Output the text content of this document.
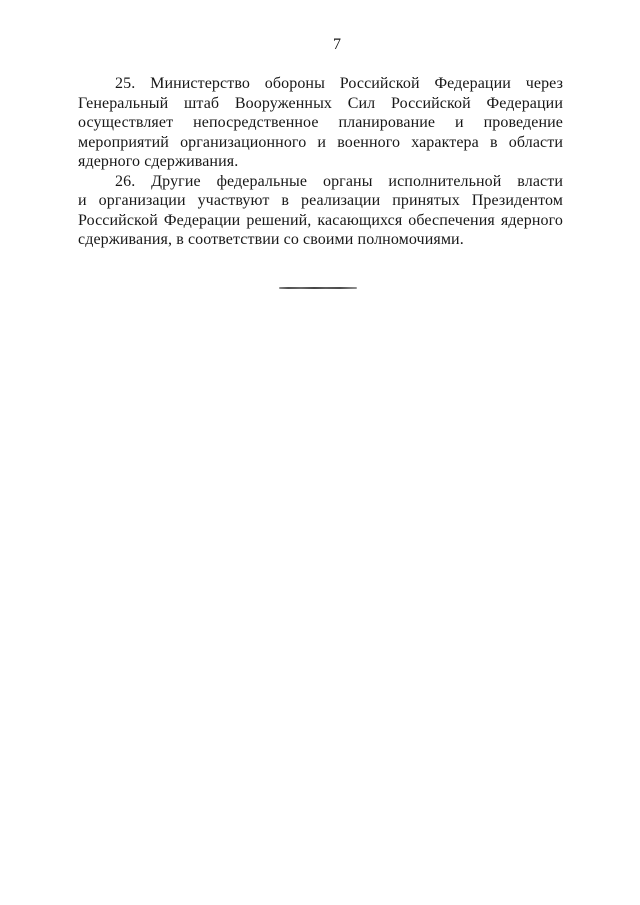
7
25. Министерство обороны Российской Федерации через
Генеральный штаб Вооруженных Сил Российской Федерации
осуществляет непосредственное планирование и проведение
мероприятий организационного и военного характера в области
ядерного сдерживания.
26. Другие федеральные органы исполнительной власти
и организации участвуют в реализации принятых Президентом
Российской Федерации решений, касающихся обеспечения ядерного
сдерживания, в соответствии со своими полномочиями.
